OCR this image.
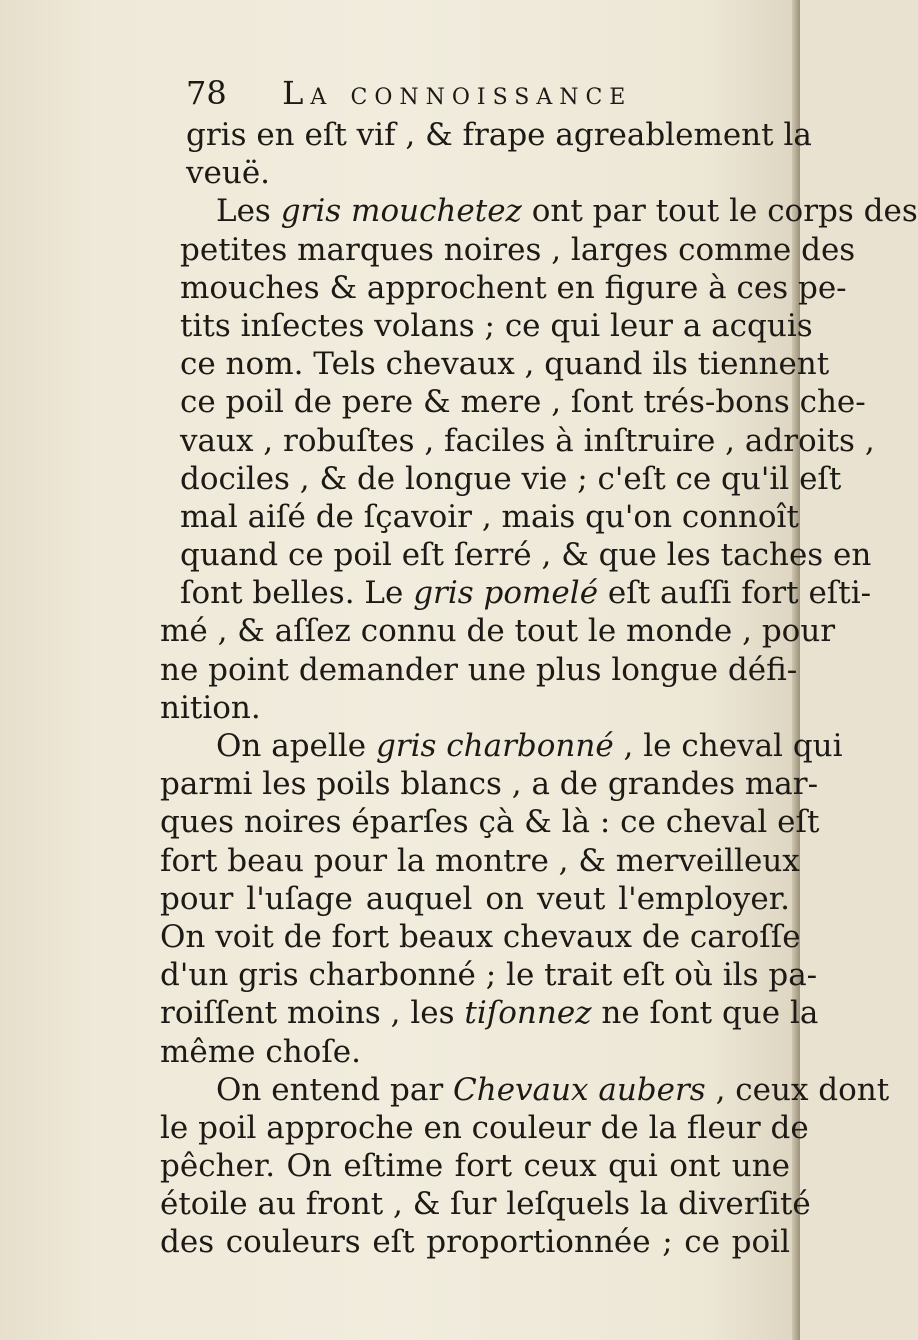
78 La connoissance
gris en eſt vif , & frape agreablement la
veuë.
Les gris mouchetez ont par tout le corps des
petites marques noires , larges comme des
mouches & approchent en figure à ces pe-
tits inſectes volans ; ce qui leur a acquis
ce nom. Tels chevaux , quand ils tiennent
ce poil de pere & mere , ſont trés-bons che-
vaux , robuſtes , faciles à inſtruire , adroits ,
dociles , & de longue vie ; c'eſt ce qu'il eſt
mal aiſé de ſçavoir , mais qu'on connoît
quand ce poil eſt ſerré , & que les taches en
ſont belles. Le gris pomelé eſt auſſi fort eſti-
mé , & aſſez connu de tout le monde , pour
ne point demander une plus longue défi-
nition.
On apelle gris charbonné , le cheval qui
parmi les poils blancs , a de grandes mar-
ques noires éparſes çà & là : ce cheval eſt
fort beau pour la montre , & merveilleux
pour l'uſage auquel on veut l'employer.
On voit de fort beaux chevaux de caroſſe
d'un gris charbonné ; le trait eſt où ils pa-
roiſſent moins , les tiſonnez ne ſont que la
même choſe.
On entend par Chevaux aubers , ceux dont
le poil approche en couleur de la fleur de
pêcher. On eſtime fort ceux qui ont une
étoile au front , & ſur leſquels la diverſité
des couleurs eſt proportionnée ; ce poil
